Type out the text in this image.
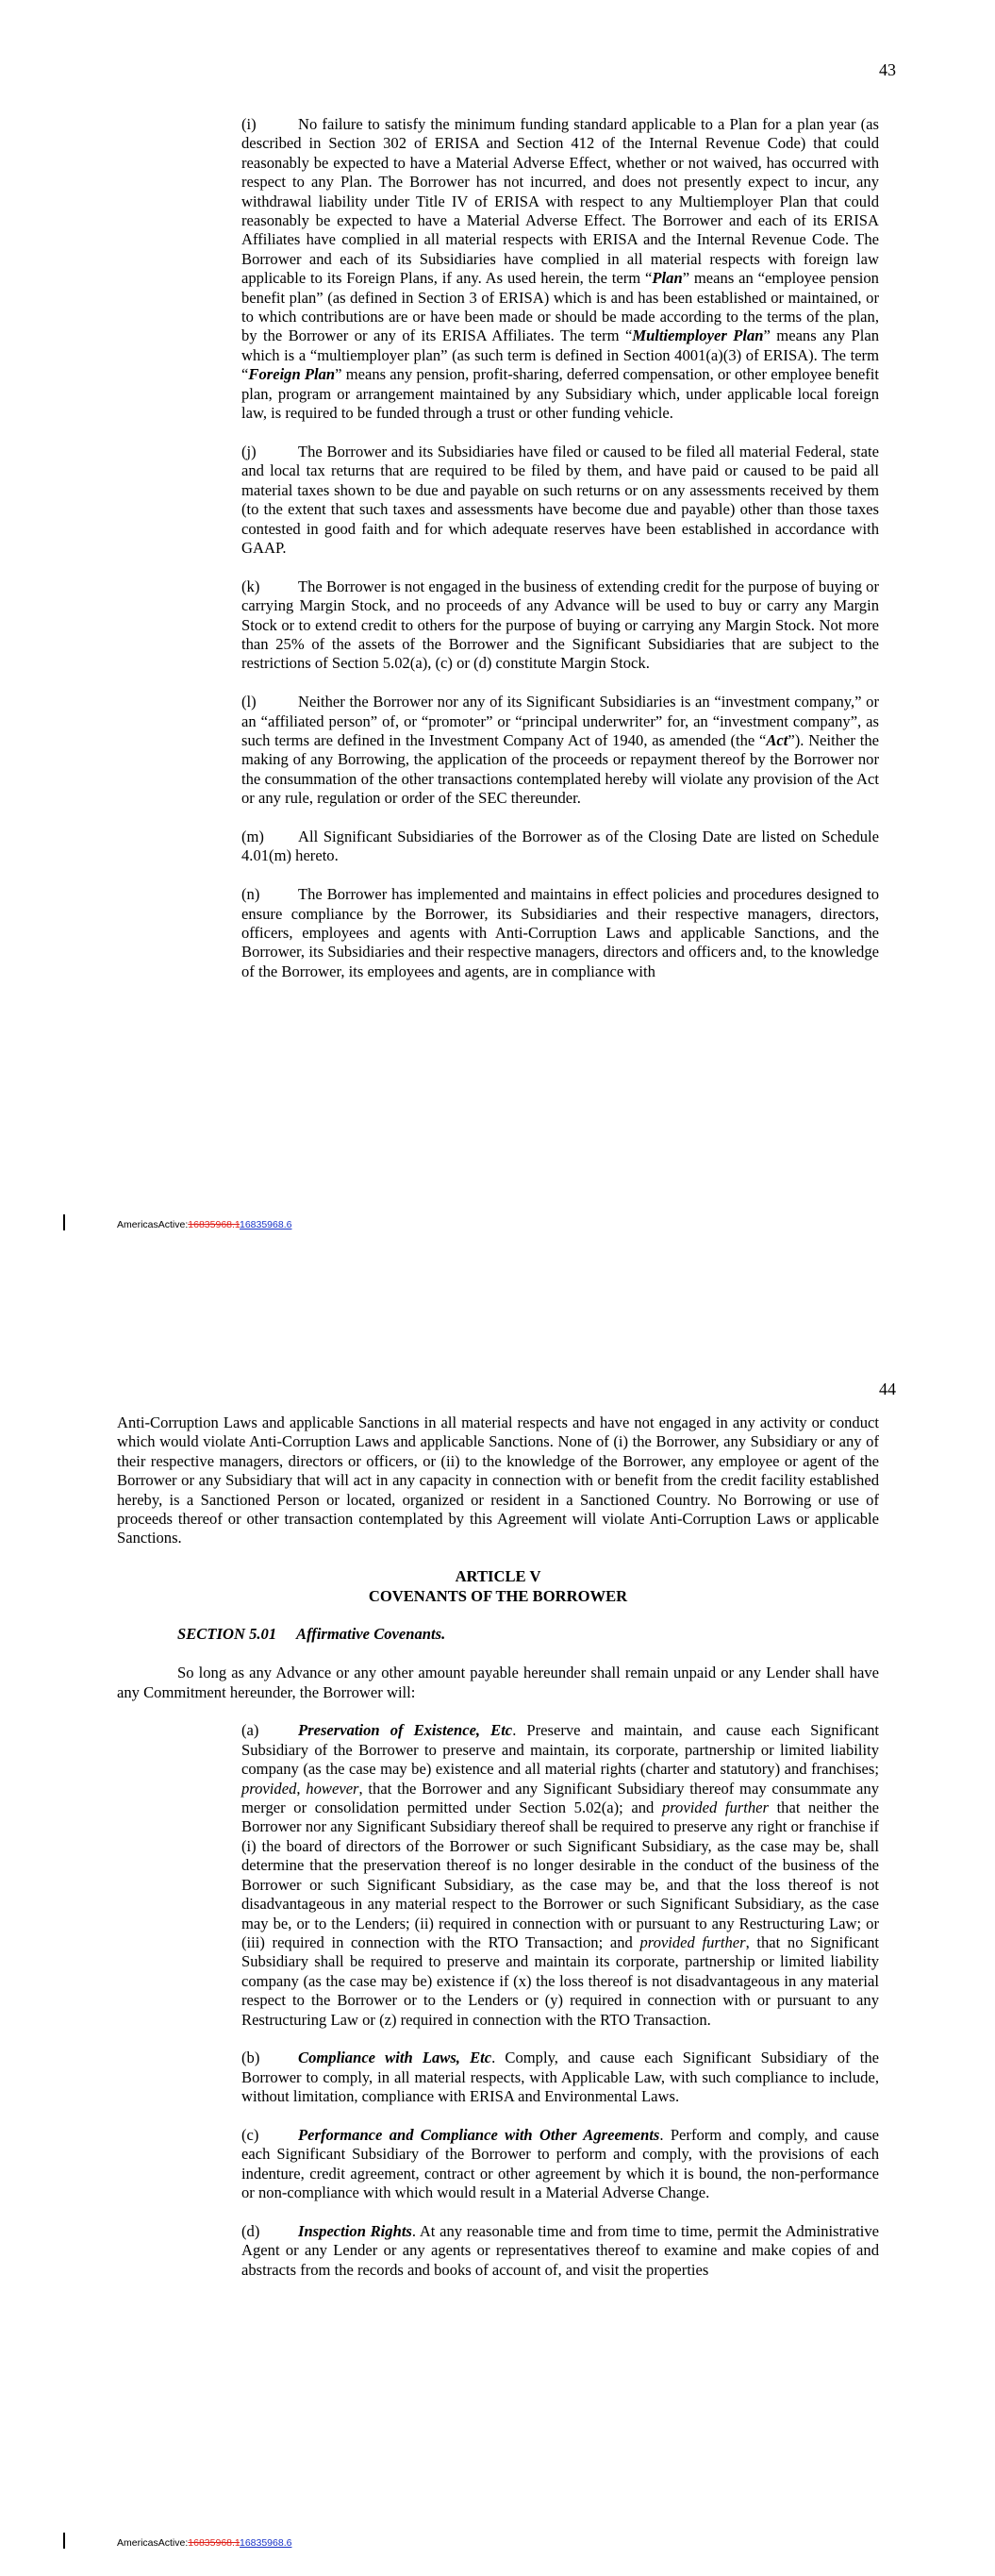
43

(i)	No failure to satisfy the minimum funding standard applicable to a Plan for a plan year (as described in Section 302 of ERISA and Section 412 of the Internal Revenue Code) that could reasonably be expected to have a Material Adverse Effect, whether or not waived, has occurred with respect to any Plan. The Borrower has not incurred, and does not presently expect to incur, any withdrawal liability under Title IV of ERISA with respect to any Multiemployer Plan that could reasonably be expected to have a Material Adverse Effect. The Borrower and each of its ERISA Affiliates have complied in all material respects with ERISA and the Internal Revenue Code. The Borrower and each of its Subsidiaries have complied in all material respects with foreign law applicable to its Foreign Plans, if any. As used herein, the term “Plan” means an “employee pension benefit plan” (as defined in Section 3 of ERISA) which is and has been established or maintained, or to which contributions are or have been made or should be made according to the terms of the plan, by the Borrower or any of its ERISA Affiliates. The term “Multiemployer Plan” means any Plan which is a “multiemployer plan” (as such term is defined in Section 4001(a)(3) of ERISA). The term “Foreign Plan” means any pension, profit-sharing, deferred compensation, or other employee benefit plan, program or arrangement maintained by any Subsidiary which, under applicable local foreign law, is required to be funded through a trust or other funding vehicle.

(j)	The Borrower and its Subsidiaries have filed or caused to be filed all material Federal, state and local tax returns that are required to be filed by them, and have paid or caused to be paid all material taxes shown to be due and payable on such returns or on any assessments received by them (to the extent that such taxes and assessments have become due and payable) other than those taxes contested in good faith and for which adequate reserves have been established in accordance with GAAP.

(k) The Borrower is not engaged in the business of extending credit for the purpose of buying or carrying Margin Stock, and no proceeds of any Advance will be used to buy or carry any Margin Stock or to extend credit to others for the purpose of buying or carrying any Margin Stock. Not more than 25% of the assets of the Borrower and the Significant Subsidiaries that are subject to the restrictions of Section 5.02(a), (c) or (d) constitute Margin Stock.

(l)	Neither the Borrower nor any of its Significant Subsidiaries is an “investment company,” or an “affiliated person” of, or “promoter” or “principal underwriter” for, an “investment company”, as such terms are defined in the Investment Company Act of 1940, as amended (the “Act”). Neither the making of any Borrowing, the application of the proceeds or repayment thereof by the Borrower nor the consummation of the other transactions contemplated hereby will violate any provision of the Act or any rule, regulation or order of the SEC thereunder.

(m) All Significant Subsidiaries of the Borrower as of the Closing Date are listed on Schedule 4.01(m) hereto.

(n) The Borrower has implemented and maintains in effect policies and procedures designed to ensure compliance by the Borrower, its Subsidiaries and their respective managers, directors, officers, employees and agents with Anti-Corruption Laws and applicable Sanctions, and the Borrower, its Subsidiaries and their respective managers, directors and officers and, to the knowledge of the Borrower, its employees and agents, are in compliance with

AmericasActive:16835968.116835968.6
44

Anti-Corruption Laws and applicable Sanctions in all material respects and have not engaged in any activity or conduct which would violate Anti-Corruption Laws and applicable Sanctions. None of (i) the Borrower, any Subsidiary or any of their respective managers, directors or officers, or (ii) to the knowledge of the Borrower, any employee or agent of the Borrower or any Subsidiary that will act in any capacity in connection with or benefit from the credit facility established hereby, is a Sanctioned Person or located, organized or resident in a Sanctioned Country. No Borrowing or use of proceeds thereof or other transaction contemplated by this Agreement will violate Anti-Corruption Laws or applicable Sanctions.

ARTICLE V

COVENANTS OF THE BORROWER

SECTION 5.01 Affirmative Covenants.

So long as any Advance or any other amount payable hereunder shall remain unpaid or any Lender shall have any Commitment hereunder, the Borrower will:

(a)	Preservation of Existence, Etc. Preserve and maintain, and cause each Significant Subsidiary of the Borrower to preserve and maintain, its corporate, partnership or limited liability company (as the case may be) existence and all material rights (charter and statutory) and franchises; provided, however, that the Borrower and any Significant Subsidiary thereof may consummate any merger or consolidation permitted under Section 5.02(a); and provided further that neither the Borrower nor any Significant Subsidiary thereof shall be required to preserve any right or franchise if (i) the board of directors of the Borrower or such Significant Subsidiary, as the case may be, shall determine that the preservation thereof is no longer desirable in the conduct of the business of the Borrower or such Significant Subsidiary, as the case may be, and that the loss thereof is not disadvantageous in any material respect to the Borrower or such Significant Subsidiary, as the case may be, or to the Lenders; (ii) required in connection with or pursuant to any Restructuring Law; or (iii) required in connection with the RTO Transaction; and provided further, that no Significant Subsidiary shall be required to preserve and maintain its corporate, partnership or limited liability company (as the case may be) existence if (x) the loss thereof is not disadvantageous in any material respect to the Borrower or to the Lenders or (y) required in connection with or pursuant to any Restructuring Law or (z) required in connection with the RTO Transaction.

(b) Compliance with Laws, Etc. Comply, and cause each Significant Subsidiary of the Borrower to comply, in all material respects, with Applicable Law, with such compliance to include, without limitation, compliance with ERISA and Environmental Laws.

(c)	Performance and Compliance with Other Agreements. Perform and comply, and cause each Significant Subsidiary of the Borrower to perform and comply, with the provisions of each indenture, credit agreement, contract or other agreement by which it is bound, the non-performance or non-compliance with which would result in a Material Adverse Change.

(d) Inspection Rights. At any reasonable time and from time to time, permit the Administrative Agent or any Lender or any agents or representatives thereof to examine and make copies of and abstracts from the records and books of account of, and visit the properties

AmericasActive:16835968.116835968.6
